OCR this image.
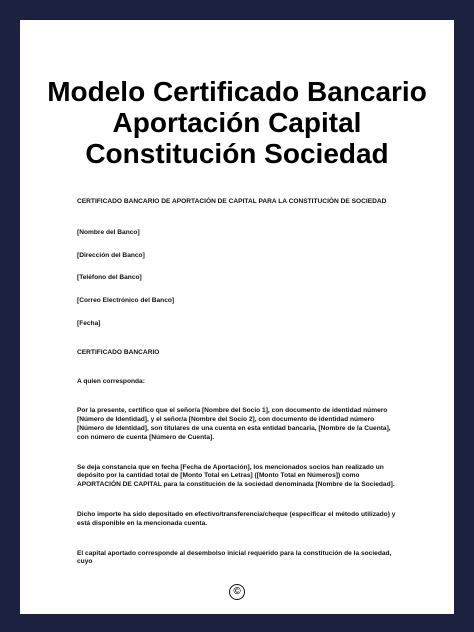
Modelo Certificado Bancario
Aportación Capital
Constitución Sociedad

CERTIFICADO BANCARIO DE APORTACIÓN DE CAPITAL PARA LA CONSTITUCIÓN DE SOCIEDAD

[Nombre del Banco]

[Dirección del Banco]

[Teléfono del Banco]

[Correo Electrónico del Banco]

[Fecha]

CERTIFICADO BANCARIO

A quien corresponda:

Por la presente, certifico que el señor/a [Nombre del Socio 1], con documento de identidad número [Número de Identidad], y el señor/a [Nombre del Socio 2], con documento de identidad número [Número de Identidad], son titulares de una cuenta en esta entidad bancaria, [Nombre de la Cuenta], con número de cuenta [Número de Cuenta].

Se deja constancia que en fecha [Fecha de Aportación], los mencionados socios han realizado un depósito por la cantidad total de [Monto Total en Letras] ([Monto Total en Números]) como APORTACIÓN DE CAPITAL para la constitución de la sociedad denominada [Nombre de la Sociedad].

Dicho importe ha sido depositado en efectivo/transferencia/cheque (especificar el método utilizado) y está disponible en la mencionada cuenta.

El capital aportado corresponde al desembolso inicial requerido para la constitución de la sociedad, cuyo

©
